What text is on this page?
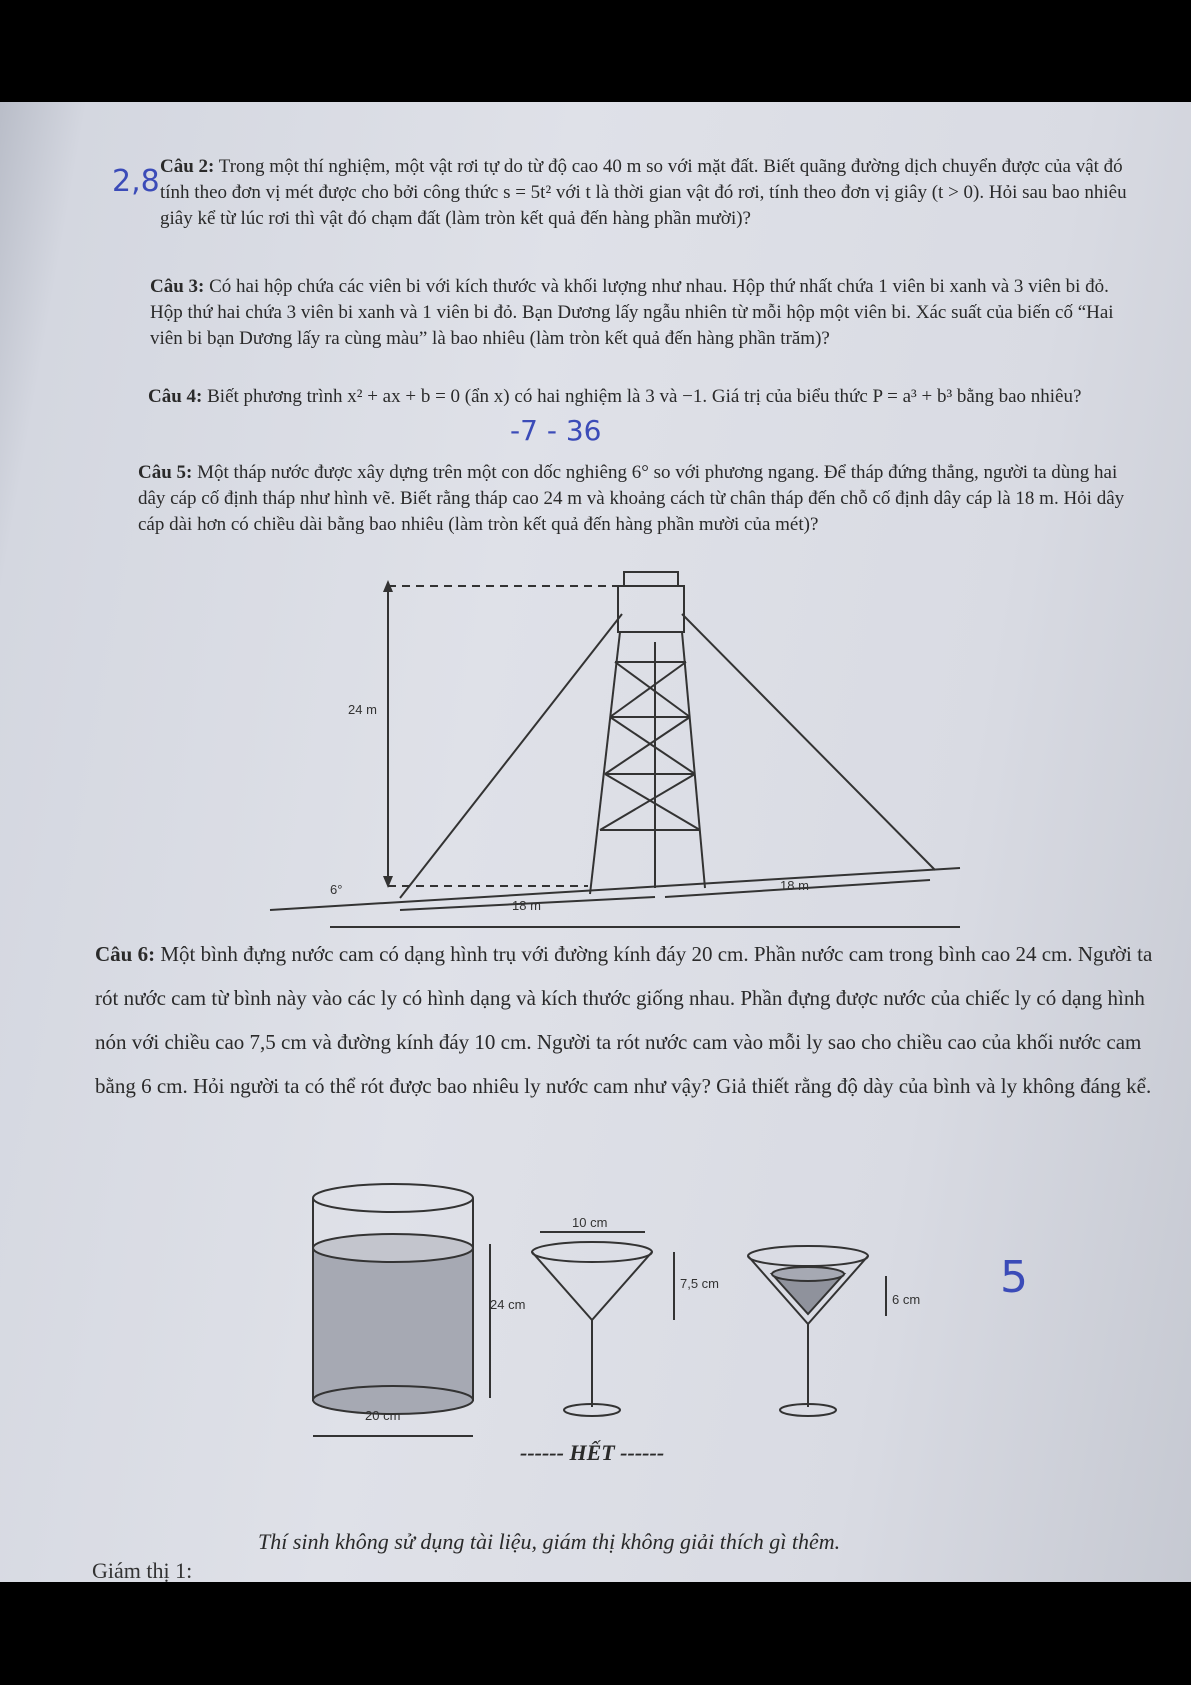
2,8 Câu 2: Trong một thí nghiệm, một vật rơi tự do từ độ cao 40 m so với mặt đất. Biết quãng đường dịch chuyển được của vật đó tính theo đơn vị mét được cho bởi công thức s = 5t² với t là thời gian vật đó rơi, tính theo đơn vị giây (t > 0). Hỏi sau bao nhiêu giây kể từ lúc rơi thì vật đó chạm đất (làm tròn kết quả đến hàng phần mười)?
Câu 3: Có hai hộp chứa các viên bi với kích thước và khối lượng như nhau. Hộp thứ nhất chứa 1 viên bi xanh và 3 viên bi đỏ. Hộp thứ hai chứa 3 viên bi xanh và 1 viên bi đỏ. Bạn Dương lấy ngẫu nhiên từ mỗi hộp một viên bi. Xác suất của biến cố “Hai viên bi bạn Dương lấy ra cùng màu” là bao nhiêu (làm tròn kết quả đến hàng phần trăm)?
Câu 4: Biết phương trình x² + ax + b = 0 (ẩn x) có hai nghiệm là 3 và −1. Giá trị của biểu thức P = a³ + b³ bằng bao nhiêu?
-7 - 36
Câu 5: Một tháp nước được xây dựng trên một con dốc nghiêng 6° so với phương ngang. Để tháp đứng thẳng, người ta dùng hai dây cáp cố định tháp như hình vẽ. Biết rằng tháp cao 24 m và khoảng cách từ chân tháp đến chỗ cố định dây cáp là 18 m. Hỏi dây cáp dài hơn có chiều dài bằng bao nhiêu (làm tròn kết quả đến hàng phần mười của mét)?
24 m
6°
18 m
18 m
Câu 6: Một bình đựng nước cam có dạng hình trụ với đường kính đáy 20 cm. Phần nước cam trong bình cao 24 cm. Người ta rót nước cam từ bình này vào các ly có hình dạng và kích thước giống nhau. Phần đựng được nước của chiếc ly có dạng hình nón với chiều cao 7,5 cm và đường kính đáy 10 cm. Người ta rót nước cam vào mỗi ly sao cho chiều cao của khối nước cam bằng 6 cm. Hỏi người ta có thể rót được bao nhiêu ly nước cam như vậy? Giả thiết rằng độ dày của bình và ly không đáng kể.
24 cm
20 cm
10 cm
7,5 cm
6 cm 5
------ HẾT ------
Thí sinh không sử dụng tài liệu, giám thị không giải thích gì thêm.
Giám thị 1:
